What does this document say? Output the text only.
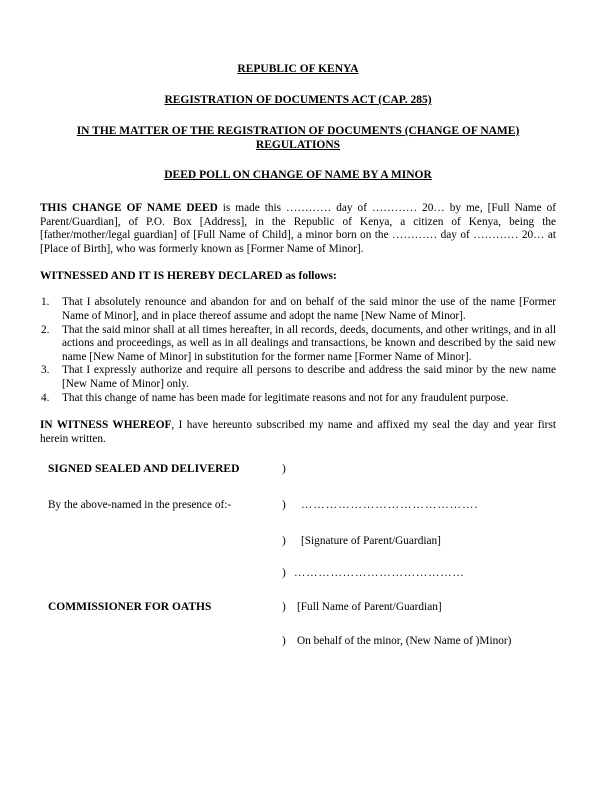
REPUBLIC OF KENYA

REGISTRATION OF DOCUMENTS ACT (CAP. 285)

IN THE MATTER OF THE REGISTRATION OF DOCUMENTS (CHANGE OF NAME)
REGULATIONS

DEED POLL ON CHANGE OF NAME BY A MINOR

THIS CHANGE OF NAME DEED is made this ………… day of ………… 20… by me, [Full Name of Parent/Guardian], of P.O. Box [Address], in the Republic of Kenya, a citizen of Kenya, being the [father/mother/legal guardian] of [Full Name of Child], a minor born on the ………… day of ………… 20… at [Place of Birth], who was formerly known as [Former Name of Minor].

WITNESSED AND IT IS HEREBY DECLARED as follows:

1.	That I absolutely renounce and abandon for and on behalf of the said minor the use of the name [Former Name of Minor], and in place thereof assume and adopt the name [New Name of Minor].
2.	That the said minor shall at all times hereafter, in all records, deeds, documents, and other writings, and in all actions and proceedings, as well as in all dealings and transactions, be known and described by the said new name [New Name of Minor] in substitution for the former name [Former Name of Minor].
3.	That I expressly authorize and require all persons to describe and address the said minor by the new name [New Name of Minor] only.
4.	That this change of name has been made for legitimate reasons and not for any fraudulent purpose.

IN WITNESS WHEREOF, I have hereunto subscribed my name and affixed my seal the day and year first herein written.

SIGNED SEALED AND DELIVERED	)
By the above-named in the presence of:-	)	…………………………………….
)	[Signature of Parent/Guardian]
) ……………………………………
COMMISSIONER FOR OATHS	) [Full Name of Parent/Guardian]
) On behalf of the minor, (New Name of )Minor)
